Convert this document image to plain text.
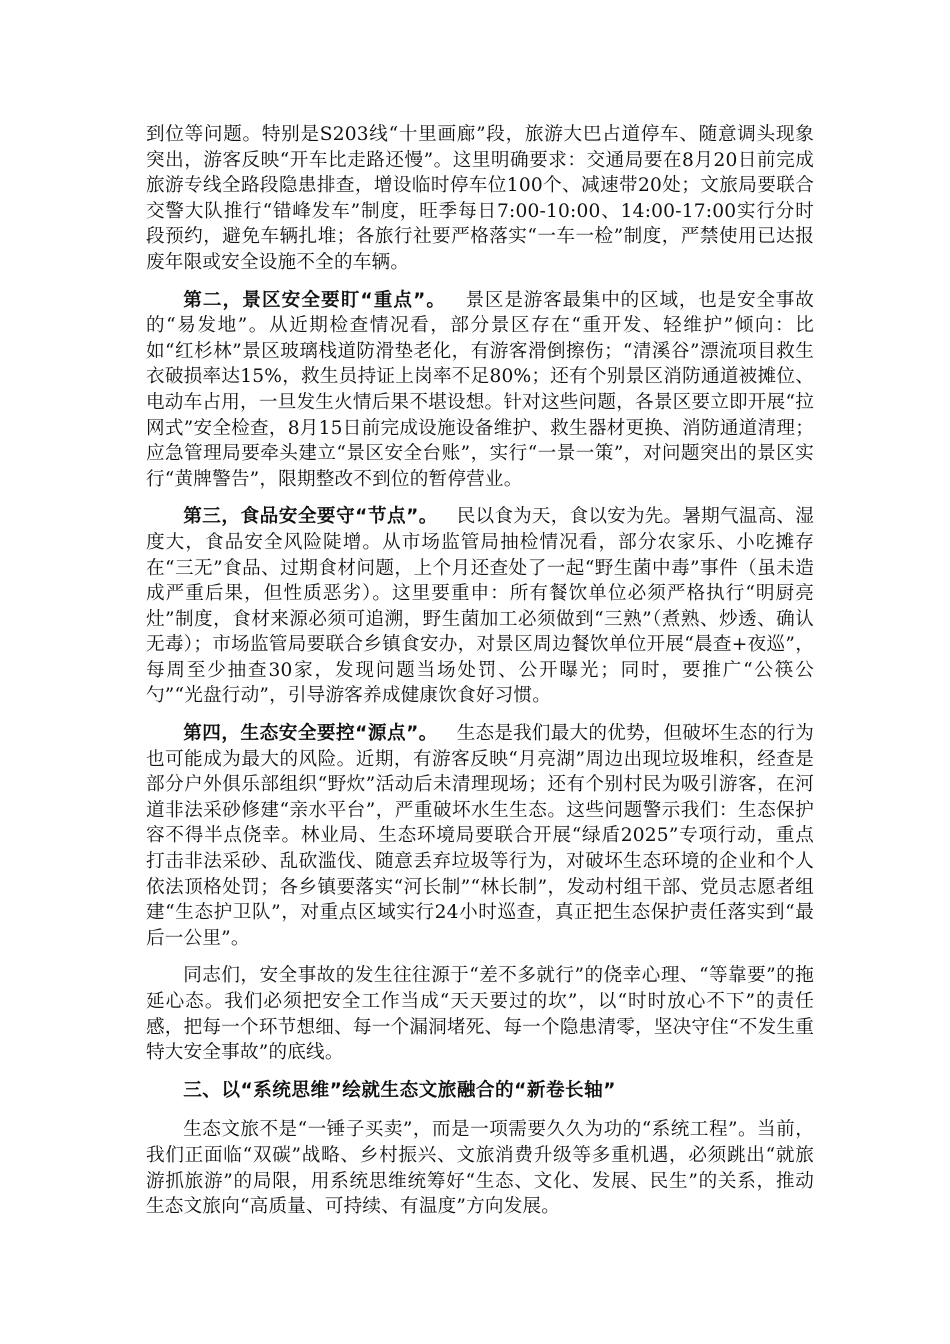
到位等问题。特别是S203线“十里画廊”段，旅游大巴占道停车、随意调头现象突出，游客反映“开车比走路还慢”。这里明确要求：交通局要在8月20日前完成旅游专线全路段隐患排查，增设临时停车位100个、减速带20处；文旅局要联合交警大队推行“错峰发车”制度，旺季每日7:00-10:00、14:00-17:00实行分时段预约，避免车辆扎堆；各旅行社要严格落实“一车一检”制度，严禁使用已达报废年限或安全设施不全的车辆。

第二，景区安全要盯“重点”。  景区是游客最集中的区域，也是安全事故的“易发地”。从近期检查情况看，部分景区存在“重开发、轻维护”倾向：比如“红杉林”景区玻璃栈道防滑垫老化，有游客滑倒擦伤；“清溪谷”漂流项目救生衣破损率达15%，救生员持证上岗率不足80%；还有个别景区消防通道被摊位、电动车占用，一旦发生火情后果不堪设想。针对这些问题，各景区要立即开展“拉网式”安全检查，8月15日前完成设施设备维护、救生器材更换、消防通道清理；应急管理局要牵头建立“景区安全台账”，实行“一景一策”，对问题突出的景区实行“黄牌警告”，限期整改不到位的暂停营业。

第三，食品安全要守“节点”。  民以食为天，食以安为先。暑期气温高、湿度大，食品安全风险陡增。从市场监管局抽检情况看，部分农家乐、小吃摊存在“三无”食品、过期食材问题，上个月还查处了一起“野生菌中毒”事件（虽未造成严重后果，但性质恶劣）。这里要重申：所有餐饮单位必须严格执行“明厨亮灶”制度，食材来源必须可追溯，野生菌加工必须做到“三熟”（煮熟、炒透、确认无毒）；市场监管局要联合乡镇食安办，对景区周边餐饮单位开展“晨查+夜巡”，每周至少抽查30家，发现问题当场处罚、公开曝光；同时，要推广“公筷公勺”“光盘行动”，引导游客养成健康饮食好习惯。

第四，生态安全要控“源点”。  生态是我们最大的优势，但破坏生态的行为也可能成为最大的风险。近期，有游客反映“月亮湖”周边出现垃圾堆积，经查是部分户外俱乐部组织“野炊”活动后未清理现场；还有个别村民为吸引游客，在河道非法采砂修建“亲水平台”，严重破坏水生生态。这些问题警示我们：生态保护容不得半点侥幸。林业局、生态环境局要联合开展“绿盾2025”专项行动，重点打击非法采砂、乱砍滥伐、随意丢弃垃圾等行为，对破坏生态环境的企业和个人依法顶格处罚；各乡镇要落实“河长制”“林长制”，发动村组干部、党员志愿者组建“生态护卫队”，对重点区域实行24小时巡查，真正把生态保护责任落实到“最后一公里”。

同志们，安全事故的发生往往源于“差不多就行”的侥幸心理、“等靠要”的拖延心态。我们必须把安全工作当成“天天要过的坎”，以“时时放心不下”的责任感，把每一个环节想细、每一个漏洞堵死、每一个隐患清零，坚决守住“不发生重特大安全事故”的底线。

三、以“系统思维”绘就生态文旅融合的“新卷长轴”

生态文旅不是“一锤子买卖”，而是一项需要久久为功的“系统工程”。当前，我们正面临“双碳”战略、乡村振兴、文旅消费升级等多重机遇，必须跳出“就旅游抓旅游”的局限，用系统思维统筹好“生态、文化、发展、民生”的关系，推动生态文旅向“高质量、可持续、有温度”方向发展。
